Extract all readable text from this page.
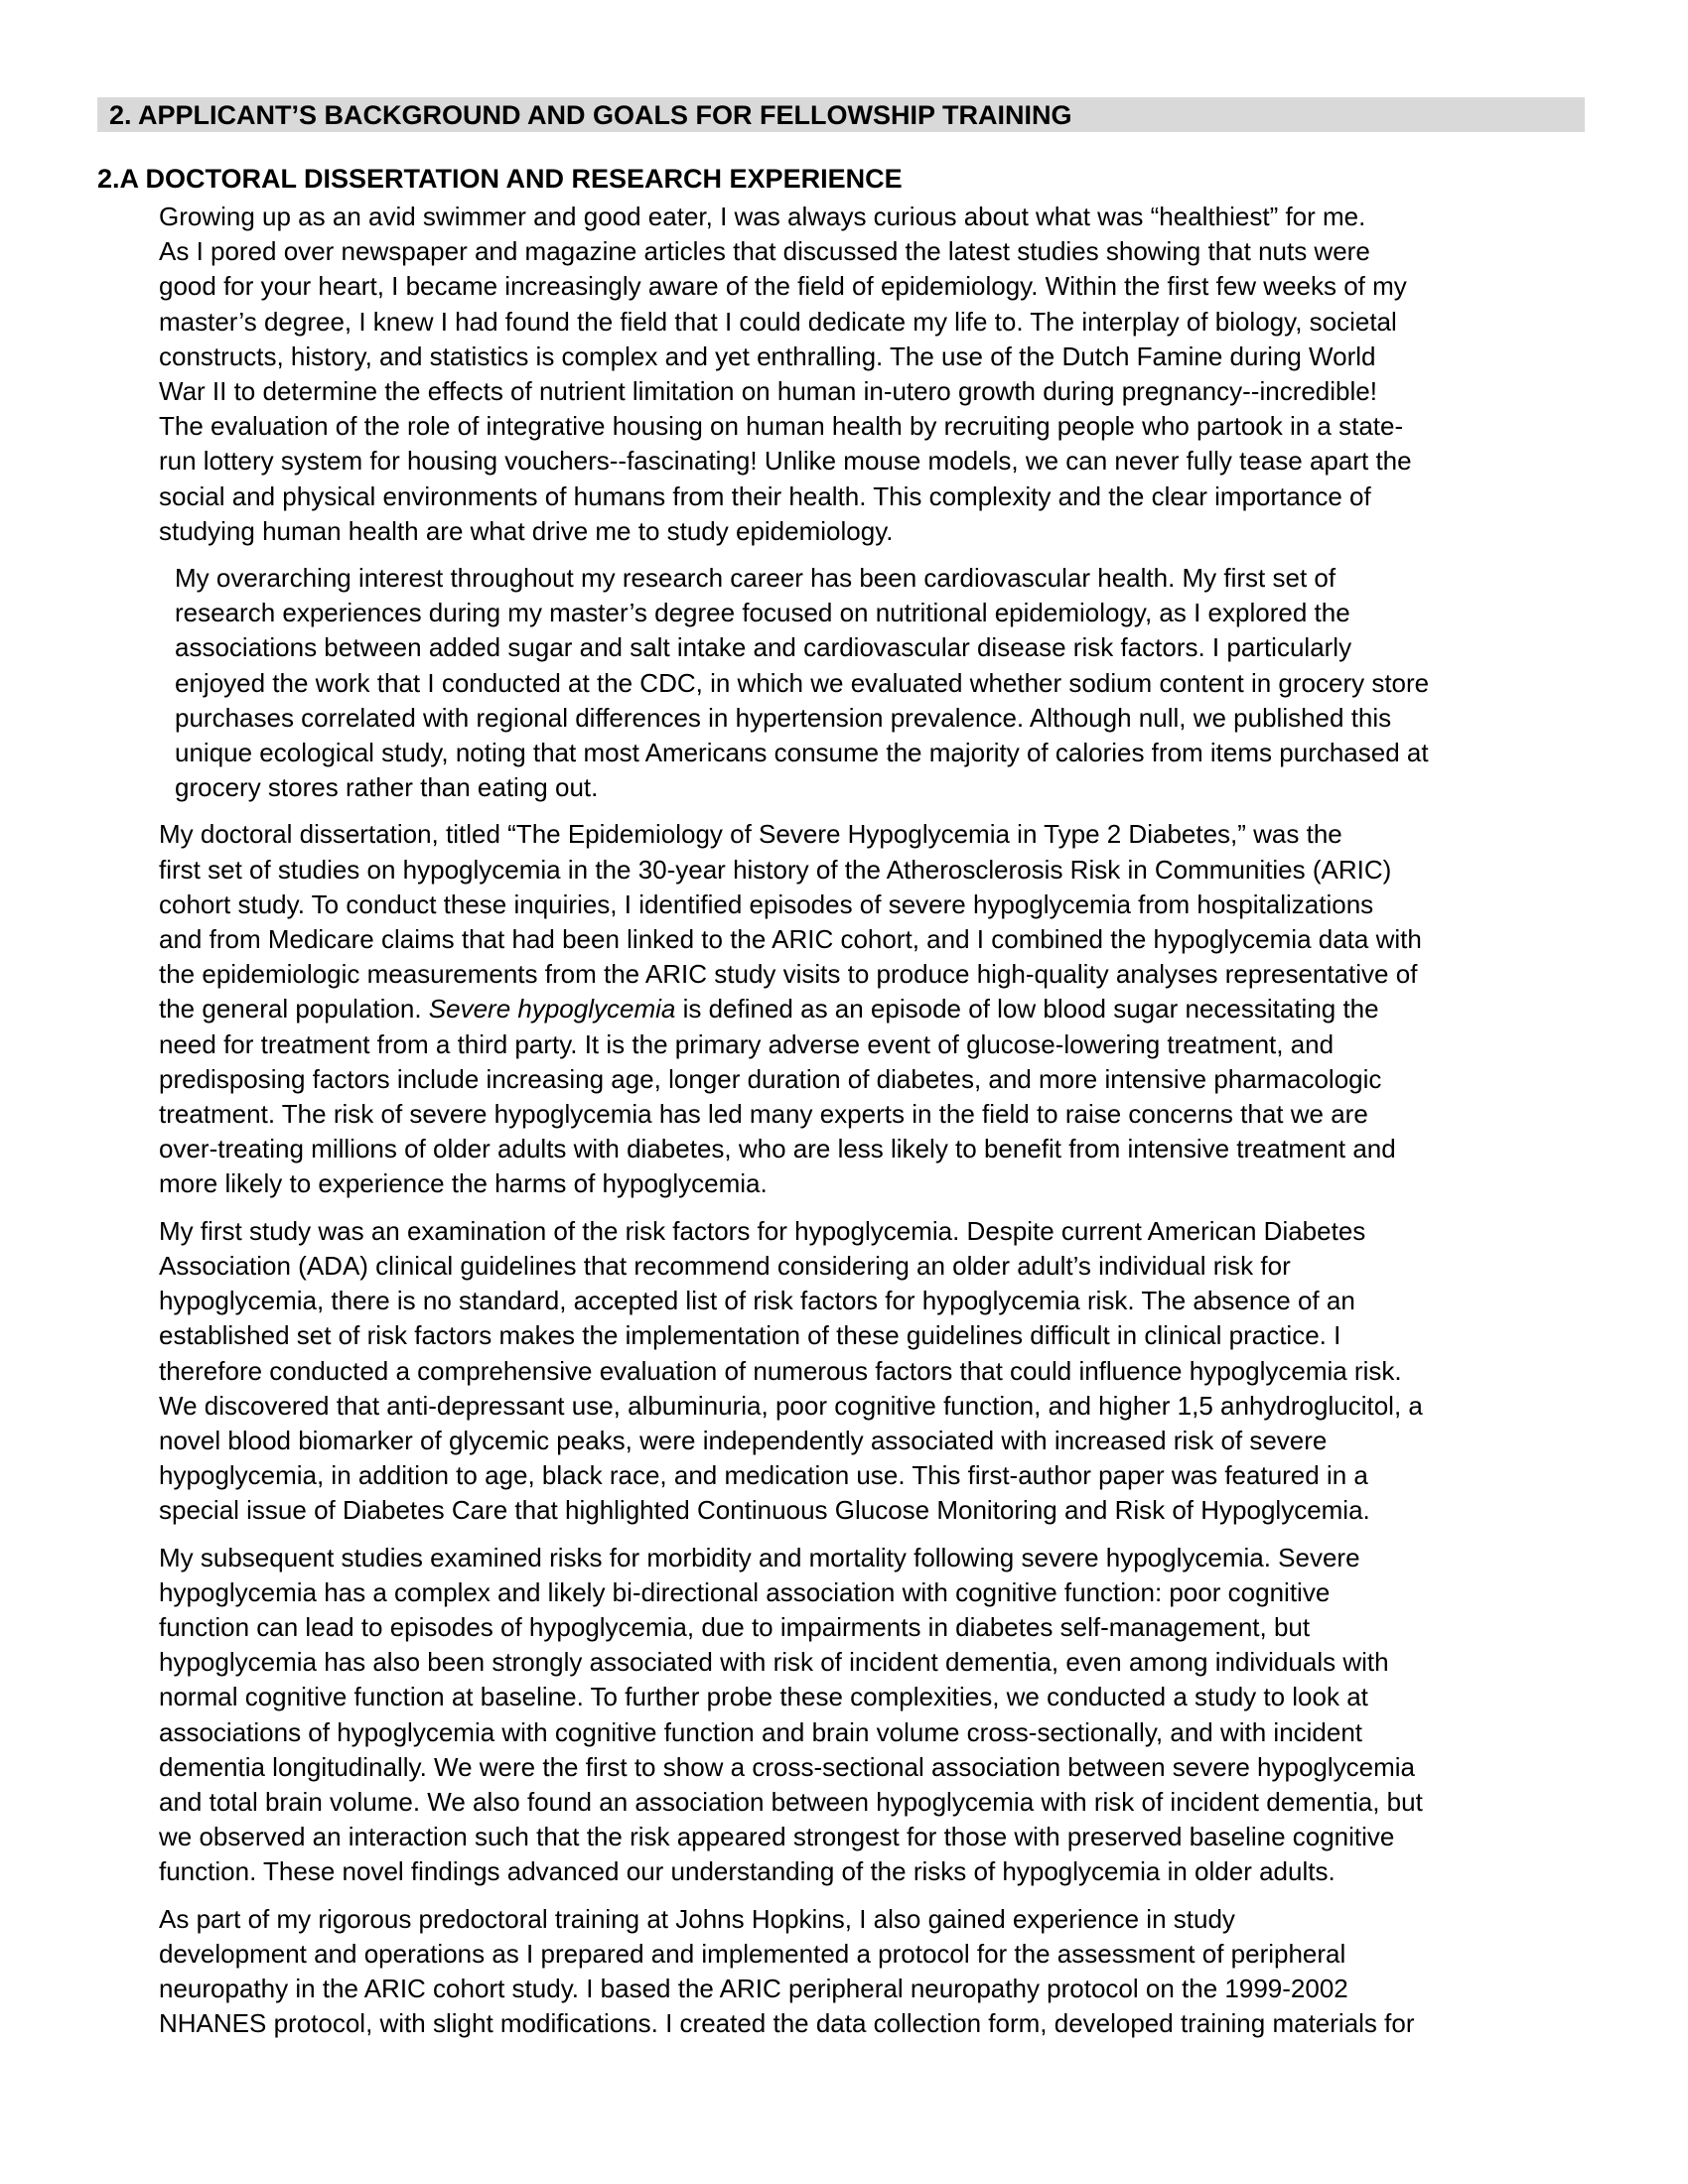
2. APPLICANT’S BACKGROUND AND GOALS FOR FELLOWSHIP TRAINING
2.A DOCTORAL DISSERTATION AND RESEARCH EXPERIENCE
Growing up as an avid swimmer and good eater, I was always curious about what was “healthiest” for me.
As I pored over newspaper and magazine articles that discussed the latest studies showing that nuts were
good for your heart, I became increasingly aware of the field of epidemiology. Within the first few weeks of my
master’s degree, I knew I had found the field that I could dedicate my life to. The interplay of biology, societal
constructs, history, and statistics is complex and yet enthralling. The use of the Dutch Famine during World
War II to determine the effects of nutrient limitation on human in-utero growth during pregnancy--incredible!
The evaluation of the role of integrative housing on human health by recruiting people who partook in a state-
run lottery system for housing vouchers--fascinating! Unlike mouse models, we can never fully tease apart the
social and physical environments of humans from their health. This complexity and the clear importance of
studying human health are what drive me to study epidemiology.
My overarching interest throughout my research career has been cardiovascular health. My first set of
research experiences during my master’s degree focused on nutritional epidemiology, as I explored the
associations between added sugar and salt intake and cardiovascular disease risk factors. I particularly
enjoyed the work that I conducted at the CDC, in which we evaluated whether sodium content in grocery store
purchases correlated with regional differences in hypertension prevalence. Although null, we published this
unique ecological study, noting that most Americans consume the majority of calories from items purchased at
grocery stores rather than eating out.
My doctoral dissertation, titled “The Epidemiology of Severe Hypoglycemia in Type 2 Diabetes,” was the
first set of studies on hypoglycemia in the 30-year history of the Atherosclerosis Risk in Communities (ARIC)
cohort study. To conduct these inquiries, I identified episodes of severe hypoglycemia from hospitalizations
and from Medicare claims that had been linked to the ARIC cohort, and I combined the hypoglycemia data with
the epidemiologic measurements from the ARIC study visits to produce high-quality analyses representative of
the general population. Severe hypoglycemia is defined as an episode of low blood sugar necessitating the
need for treatment from a third party. It is the primary adverse event of glucose-lowering treatment, and
predisposing factors include increasing age, longer duration of diabetes, and more intensive pharmacologic
treatment. The risk of severe hypoglycemia has led many experts in the field to raise concerns that we are
over-treating millions of older adults with diabetes, who are less likely to benefit from intensive treatment and
more likely to experience the harms of hypoglycemia.
My first study was an examination of the risk factors for hypoglycemia. Despite current American Diabetes
Association (ADA) clinical guidelines that recommend considering an older adult’s individual risk for
hypoglycemia, there is no standard, accepted list of risk factors for hypoglycemia risk. The absence of an
established set of risk factors makes the implementation of these guidelines difficult in clinical practice. I
therefore conducted a comprehensive evaluation of numerous factors that could influence hypoglycemia risk.
We discovered that anti-depressant use, albuminuria, poor cognitive function, and higher 1,5 anhydroglucitol, a
novel blood biomarker of glycemic peaks, were independently associated with increased risk of severe
hypoglycemia, in addition to age, black race, and medication use. This first-author paper was featured in a
special issue of Diabetes Care that highlighted Continuous Glucose Monitoring and Risk of Hypoglycemia.
My subsequent studies examined risks for morbidity and mortality following severe hypoglycemia. Severe
hypoglycemia has a complex and likely bi-directional association with cognitive function: poor cognitive
function can lead to episodes of hypoglycemia, due to impairments in diabetes self-management, but
hypoglycemia has also been strongly associated with risk of incident dementia, even among individuals with
normal cognitive function at baseline. To further probe these complexities, we conducted a study to look at
associations of hypoglycemia with cognitive function and brain volume cross-sectionally, and with incident
dementia longitudinally. We were the first to show a cross-sectional association between severe hypoglycemia
and total brain volume. We also found an association between hypoglycemia with risk of incident dementia, but
we observed an interaction such that the risk appeared strongest for those with preserved baseline cognitive
function. These novel findings advanced our understanding of the risks of hypoglycemia in older adults.
As part of my rigorous predoctoral training at Johns Hopkins, I also gained experience in study
development and operations as I prepared and implemented a protocol for the assessment of peripheral
neuropathy in the ARIC cohort study. I based the ARIC peripheral neuropathy protocol on the 1999-2002
NHANES protocol, with slight modifications. I created the data collection form, developed training materials for
